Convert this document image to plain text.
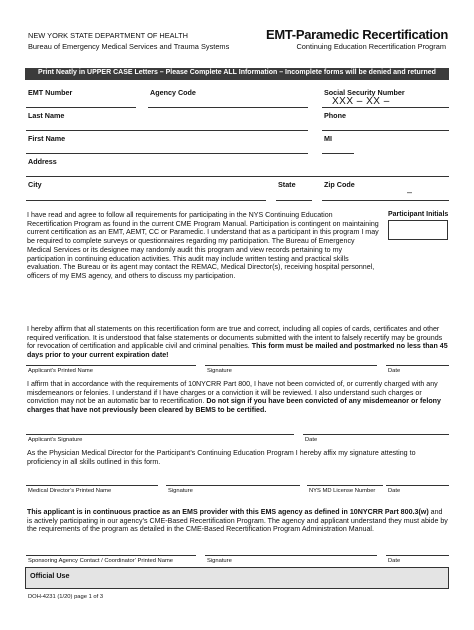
NEW YORK STATE DEPARTMENT OF HEALTH
Bureau of Emergency Medical Services and Trauma Systems
EMT-Paramedic Recertification
Continuing Education Recertification Program
Print Neatly in UPPER CASE Letters – Please Complete ALL Information – Incomplete forms will be denied and returned
EMT Number	Agency Code	Social Security Number
XXX – XX –
Last Name	Phone
First Name	MI
Address
City	State	Zip Code
–
I have read and agree to follow all requirements for participating in the NYS Continuing Education Recertification Program as found in the current CME Program Manual. Participation is contingent on maintaining current certification as an EMT, AEMT, CC or Paramedic. I understand that as a participant in this program I may be required to complete surveys or questionnaires regarding my participation. The Bureau of Emergency Medical Services or its designee may randomly audit this program and view records pertaining to my participation in continuing education activities. This audit may include written testing and practical skills evaluation. The Bureau or its agent may contact the REMAC, Medical Director(s), receiving hospital personnel, officers of my EMS agency, and others to discuss my participation.
Participant Initials
I hereby affirm that all statements on this recertification form are true and correct, including all copies of cards, certificates and other required verification. It is understood that false statements or documents submitted with the intent to falsely recertify may be grounds for revocation of certification and applicable civil and criminal penalties. This form must be mailed and postmarked no less than 45 days prior to your current expiration date!
Applicant’s Printed Name	Signature	Date
I affirm that in accordance with the requirements of 10NYCRR Part 800, I have not been convicted of, or currently charged with any misdemeanors or felonies. I understand if I have charges or a conviction it will be reviewed. I also understand such charges or conviction may not be an automatic bar to recertification. Do not sign if you have been convicted of any misdemeanor or felony charges that have not previously been cleared by BEMS to be certified.
Applicant’s Signature	Date
As the Physician Medical Director for the Participant’s Continuing Education Program I hereby affix my signature attesting to proficiency in all skills outlined in this form.
Medical Director’s Printed Name	Signature	NYS MD License Number Date
This applicant is in continuous practice as an EMS provider with this EMS agency as defined in 10NYCRR Part 800.3(w) and is actively participating in our agency’s CME-Based Recertification Program. The agency and applicant understand they must abide by the requirements of the program as detailed in the CME-Based Recertification Program Administration Manual.
Sponsoring Agency Contact / Coordinator’ Printed Name	Signature	Date
Official Use
DOH-4231 (1/20) page 1 of 3
